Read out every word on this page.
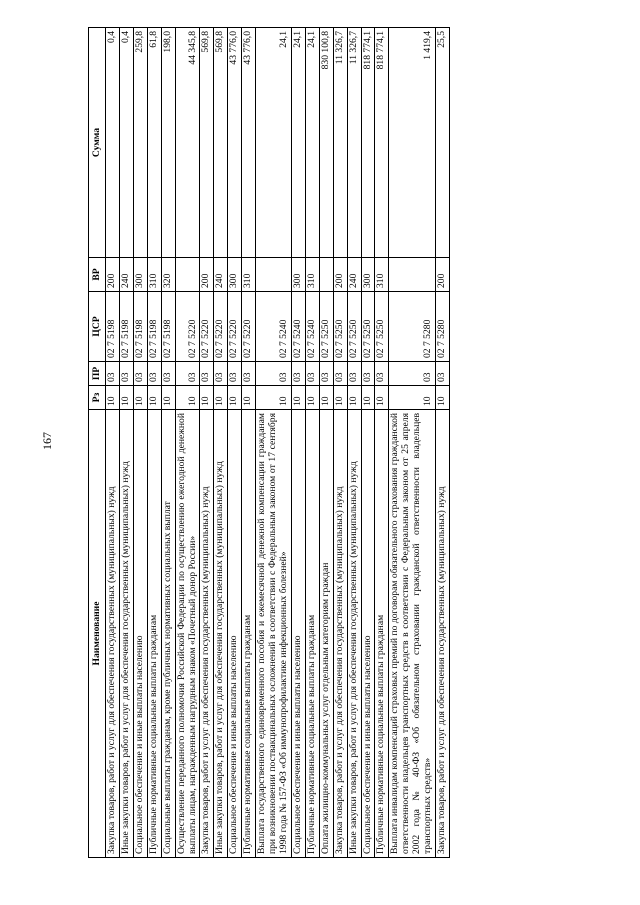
167
Наименование	Рз	ПР	ЦСР	ВР	Сумма
Закупка товаров, работ и услуг для обеспечения государственных (муниципальных) нужд	10	03	02 7 5198	200	0,4
Иные закупки товаров, работ и услуг для обеспечения государственных (муниципальных) нужд	10	03	02 7 5198	240	0,4
Социальное обеспечение и иные выплаты населению	10	03	02 7 5198	300	259,8
Публичные нормативные социальные выплаты гражданам	10	03	02 7 5198	310	61,8
Социальные выплаты гражданам, кроме публичных нормативных социальных выплат	10	03	02 7 5198	320	198,0
Осуществление переданного полномочия Российской Федерации по осуществлению ежегодной денежной выплаты лицам, награжденным нагрудным знаком «Почетный донор России»	10	03	02 7 5220		44 345,8
Закупка товаров, работ и услуг для обеспечения государственных (муниципальных) нужд	10	03	02 7 5220	200	569,8
Иные закупки товаров, работ и услуг для обеспечения государственных (муниципальных) нужд	10	03	02 7 5220	240	569,8
Социальное обеспечение и иные выплаты населению	10	03	02 7 5220	300	43 776,0
Публичные нормативные социальные выплаты гражданам	10	03	02 7 5220	310	43 776,0
Выплата государственного единовременного пособия и ежемесячной денежной компенсации гражданам при возникновении поствакцинальных осложнений в соответствии с Федеральным законом от 17 сентября 1998 года № 157-ФЗ «Об иммунопрофилактике инфекционных болезней»	10	03	02 7 5240		24,1
Социальное обеспечение и иные выплаты населению	10	03	02 7 5240	300	24,1
Публичные нормативные социальные выплаты гражданам	10	03	02 7 5240	310	24,1
Оплата жилищно-коммунальных услуг отдельным категориям граждан	10	03	02 7 5250		830 100,8
Закупка товаров, работ и услуг для обеспечения государственных (муниципальных) нужд	10	03	02 7 5250	200	11 326,7
Иные закупки товаров, работ и услуг для обеспечения государственных (муниципальных) нужд	10	03	02 7 5250	240	11 326,7
Социальное обеспечение и иные выплаты населению	10	03	02 7 5250	300	818 774,1
Публичные нормативные социальные выплаты гражданам	10	03	02 7 5250	310	818 774,1
Выплата инвалидам компенсаций страховых премий по договорам обязательного страхования гражданской ответственности владельцев транспортных средств в соответствии с Федеральным законом от 25 апреля 2002 года № 40-ФЗ «Об обязательном страховании гражданской ответственности владельцев транспортных средств»	10	03	02 7 5280		1 419,4
Закупка товаров, работ и услуг для обеспечения государственных (муниципальных) нужд	10	03	02 7 5280	200	25,5
